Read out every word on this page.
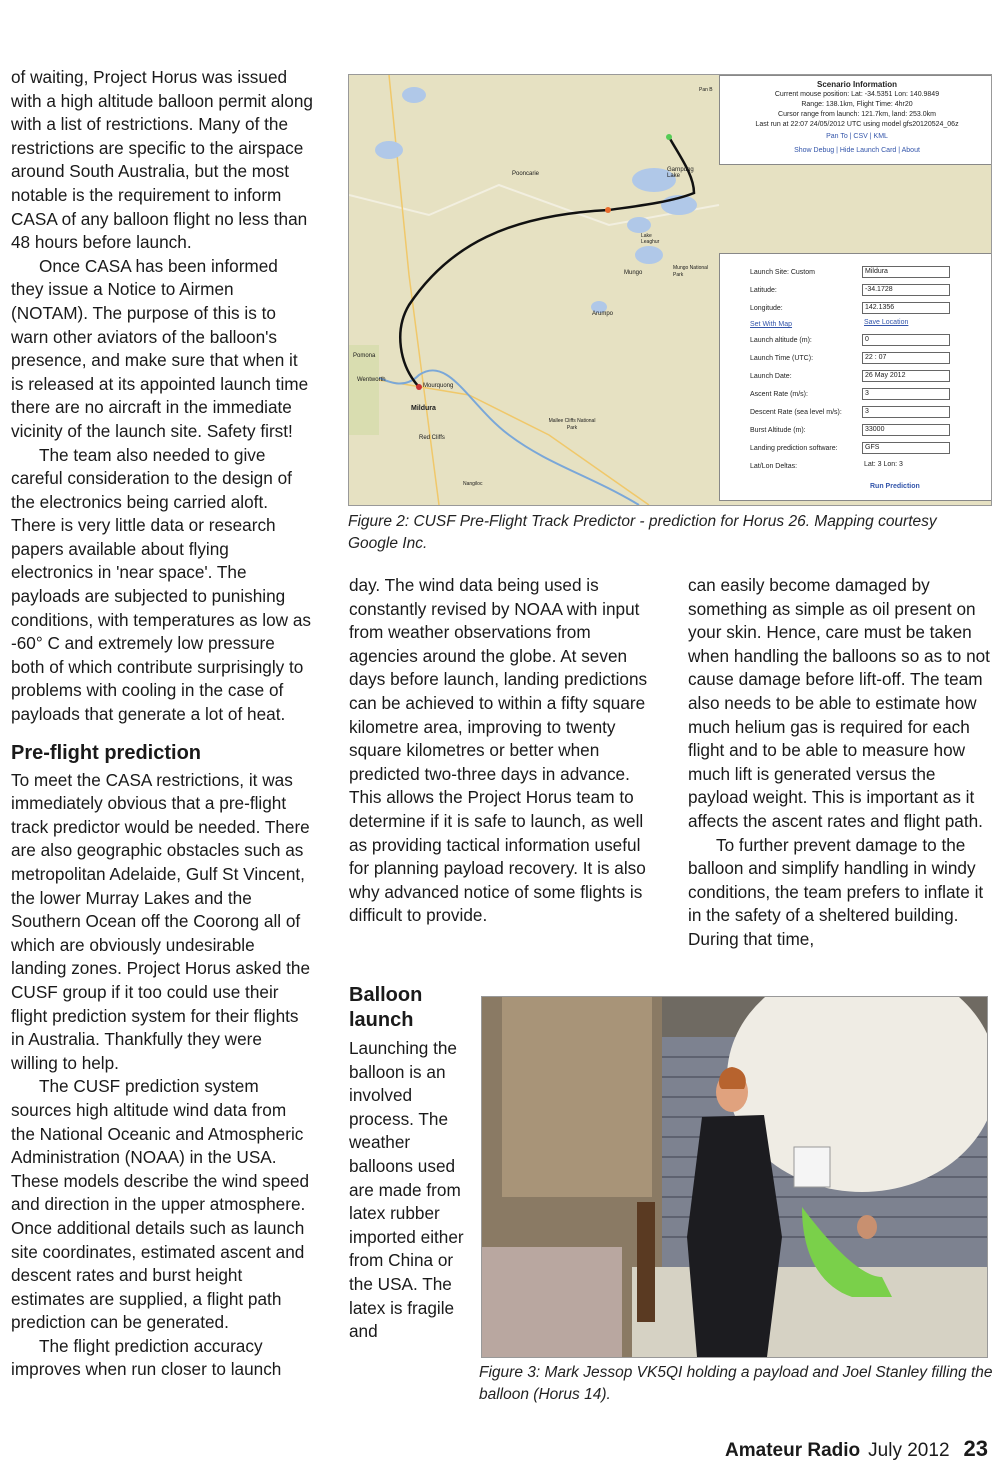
of waiting, Project Horus was issued with a high altitude balloon permit along with a list of restrictions. Many of the restrictions are specific to the airspace around South Australia, but the most notable is the requirement to inform CASA of any balloon flight no less than 48 hours before launch.

Once CASA has been informed they issue a Notice to Airmen (NOTAM). The purpose of this is to warn other aviators of the balloon's presence, and make sure that when it is released at its appointed launch time there are no aircraft in the immediate vicinity of the launch site. Safety first!

The team also needed to give careful consideration to the design of the electronics being carried aloft. There is very little data or research papers available about flying electronics in 'near space'. The payloads are subjected to punishing conditions, with temperatures as low as -60° C and extremely low pressure both of which contribute surprisingly to problems with cooling in the case of payloads that generate a lot of heat.

Pre-flight prediction

To meet the CASA restrictions, it was immediately obvious that a pre-flight track predictor would be needed. There are also geographic obstacles such as metropolitan Adelaide, Gulf St Vincent, the lower Murray Lakes and the Southern Ocean off the Coorong all of which are obviously undesirable landing zones. Project Horus asked the CUSF group if it too could use their flight prediction system for their flights in Australia. Thankfully they were willing to help.

The CUSF prediction system sources high altitude wind data from the National Oceanic and Atmospheric Administration (NOAA) in the USA. These models describe the wind speed and direction in the upper atmosphere. Once additional details such as launch site coordinates, estimated ascent and descent rates and burst height estimates are supplied, a flight path prediction can be generated.

The flight prediction accuracy improves when run closer to launch

Pooncarie
Garnpung Lake
Lake Leaghur
Mungo
Mungo National Park
Arumpo
Pomona
Wentworth
Mourquong
Mildura
Red Cliffs
Mallee Cliffs National Park
Nangiloc
Pan B
Scenario Information
Current mouse position: Lat: -34.5351 Lon: 140.9849
Range: 138.1km, Flight Time: 4hr20
Cursor range from launch: 121.7km, land: 253.0km
Last run at 22:07 24/05/2012 UTC using model gfs20120524_06z
Pan To | CSV | KML
Show Debug | Hide Launch Card | About
Launch Site: Custom	Mildura
Latitude:	-34.1728
Longitude:	142.1356
Set With Map	Save Location
Launch altitude (m):	0
Launch Time (UTC):	22 : 07
Launch Date:	26 May 2012
Ascent Rate (m/s):	3
Descent Rate (sea level m/s):	3
Burst Altitude (m):	33000
Landing prediction software:	GFS
Lat/Lon Deltas:	Lat: 3 Lon: 3
Run Prediction
Figure 2: CUSF Pre-Flight Track Predictor - prediction for Horus 26. Mapping courtesy Google Inc.

day. The wind data being used is constantly revised by NOAA with input from weather observations from agencies around the globe. At seven days before launch, landing predictions can be achieved to within a fifty square kilometre area, improving to twenty square kilometres or better when predicted two-three days in advance. This allows the Project Horus team to determine if it is safe to launch, as well as providing tactical information useful for planning payload recovery. It is also why advanced notice of some flights is difficult to provide.

Balloon launch

Launching the balloon is an involved process. The weather balloons used are made from latex rubber imported either from China or the USA. The latex is fragile and

can easily become damaged by something as simple as oil present on your skin. Hence, care must be taken when handling the balloons so as to not cause damage before lift-off. The team also needs to be able to estimate how much helium gas is required for each flight and to be able to measure how much lift is generated versus the payload weight. This is important as it affects the ascent rates and flight path.

To further prevent damage to the balloon and simplify handling in windy conditions, the team prefers to inflate it in the safety of a sheltered building. During that time,

Figure 3: Mark Jessop VK5QI holding a payload and Joel Stanley filling the balloon (Horus 14).
Amateur Radio July 2012 23
